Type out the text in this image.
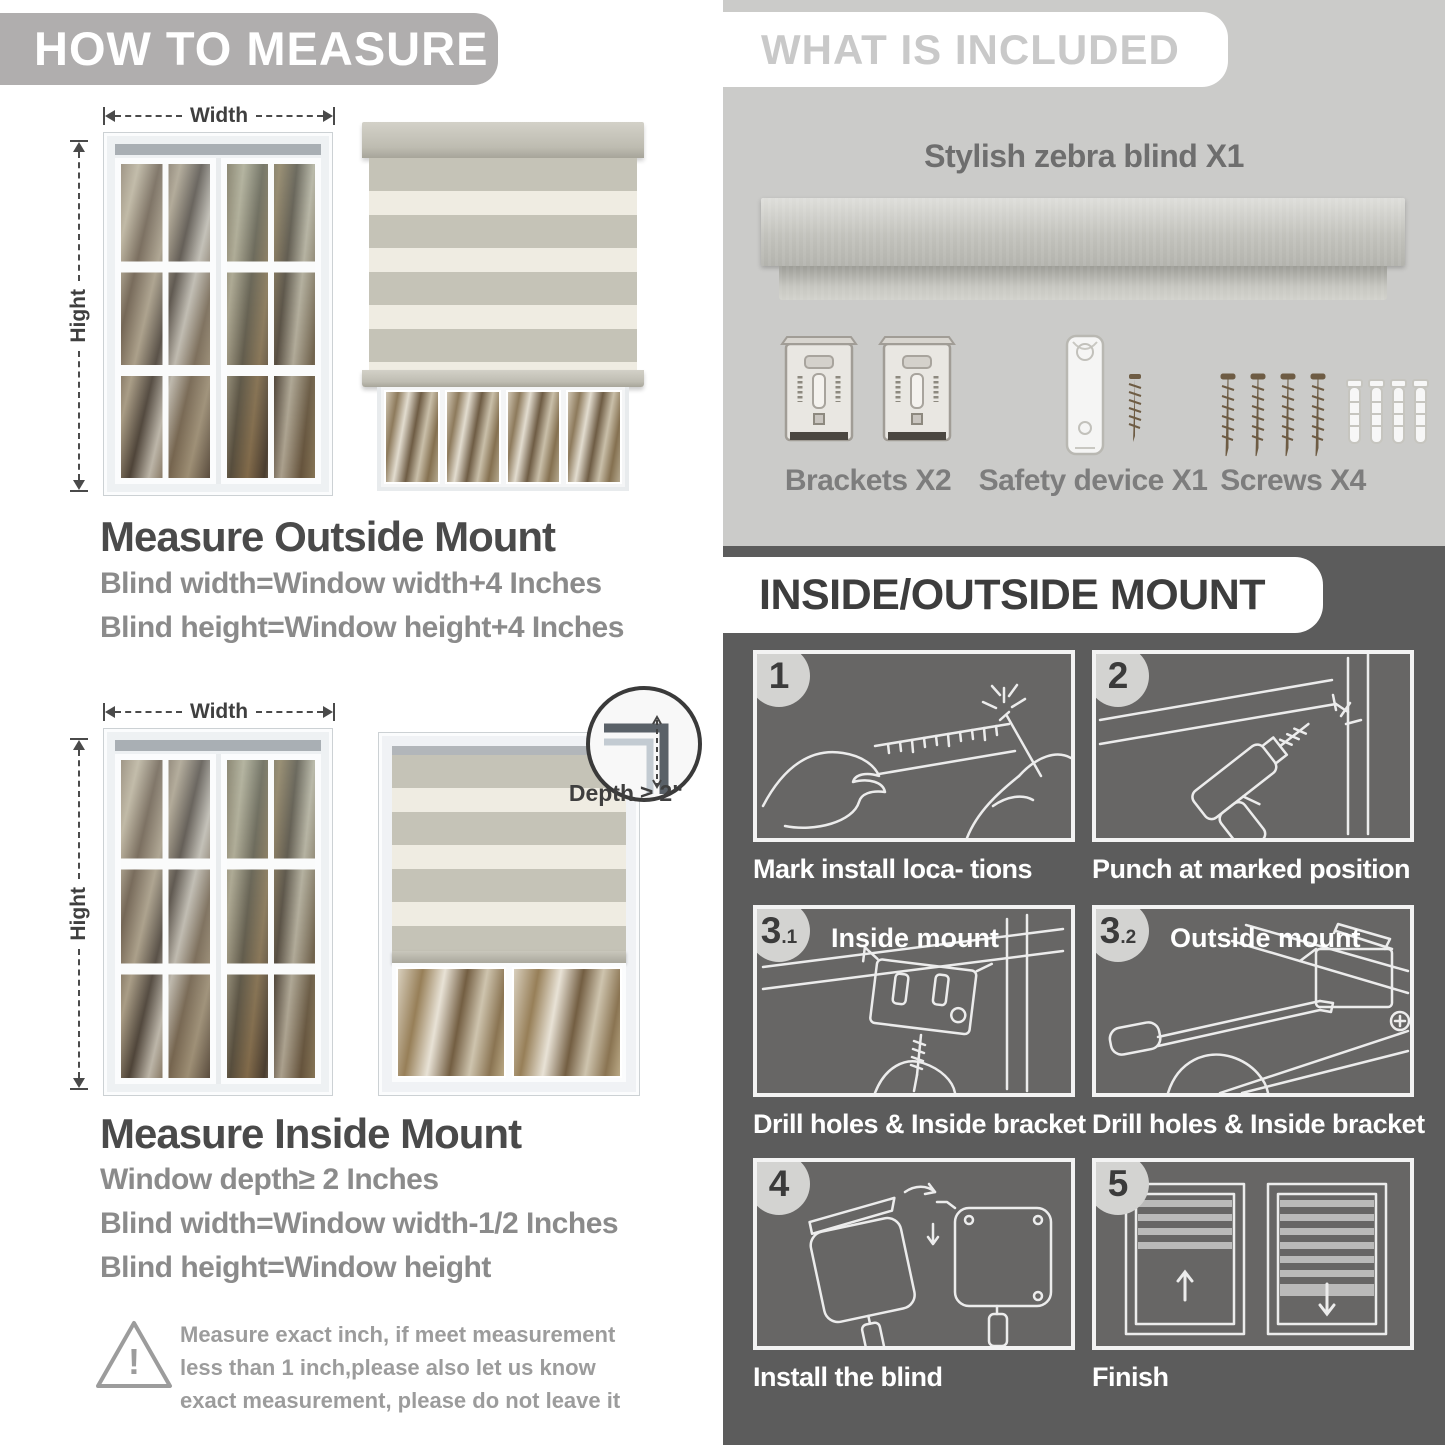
HOW TO MEASURE
Width
Hight
Measure Outside Mount
Blind width=Window width+4 Inches
Blind height=Window height+4 Inches
Width
Hight
Depth ≥ 2"
Measure Inside Mount
Window depth≥ 2 Inches
Blind width=Window width-1/2 Inches
Blind height=Window height
!
Measure exact inch, if meet measurement less than 1 inch,please also let us know exact measurement, please do not leave it
WHAT IS INCLUDED
Stylish zebra blind X1
Brackets X2 Safety device X1 Screws X4
INSIDE/OUTSIDE MOUNT
1
Mark install loca- tions
2
Punch at marked position
3 .1 Inside mount
Drill holes & Inside bracket
3 .2 Outside mount
Drill holes & Inside bracket
4
Install the blind
5
Finish
